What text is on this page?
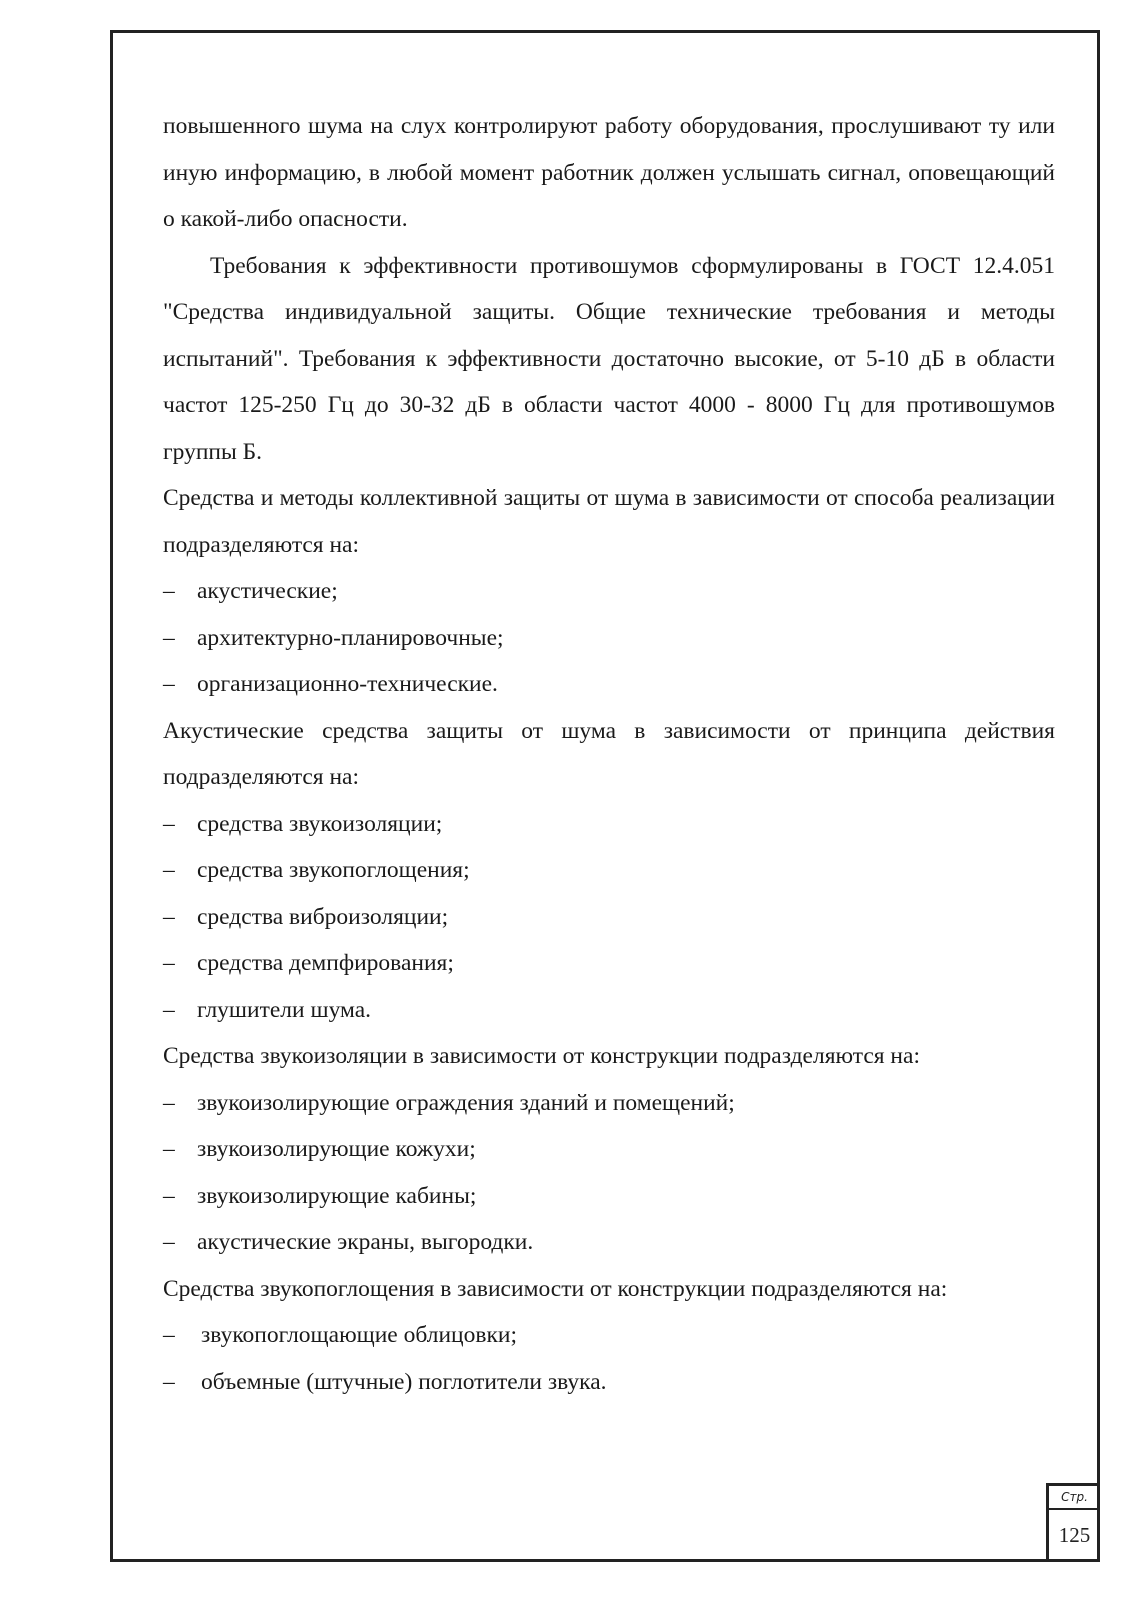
повышенного шума на слух контролируют работу оборудования, прослушивают ту или иную информацию, в любой момент работник должен услышать сигнал, оповещающий о какой-либо опасности.

Требования к эффективности противошумов сформулированы в ГОСТ 12.4.051 "Средства индивидуальной защиты. Общие технические требования и методы испытаний". Требования к эффективности достаточно высокие, от 5-10 дБ в области частот 125-250 Гц до 30-32 дБ в области частот 4000 - 8000 Гц для противошумов группы Б.

Средства и методы коллективной защиты от шума в зависимости от способа реализации подразделяются на:

– акустические;
– архитектурно-планировочные;
– организационно-технические.

Акустические средства защиты от шума в зависимости от принципа действия подразделяются на:

– средства звукоизоляции;
– средства звукопоглощения;
– средства виброизоляции;
– средства демпфирования;
– глушители шума.

Средства звукоизоляции в зависимости от конструкции подразделяются на:

– звукоизолирующие ограждения зданий и помещений;
– звукоизолирующие кожухи;
– звукоизолирующие кабины;
– акустические экраны, выгородки.

Средства звукопоглощения в зависимости от конструкции подразделяются на:

–	звукопоглощающие облицовки;
–	объемные (штучные) поглотители звука.
Стр.
125
